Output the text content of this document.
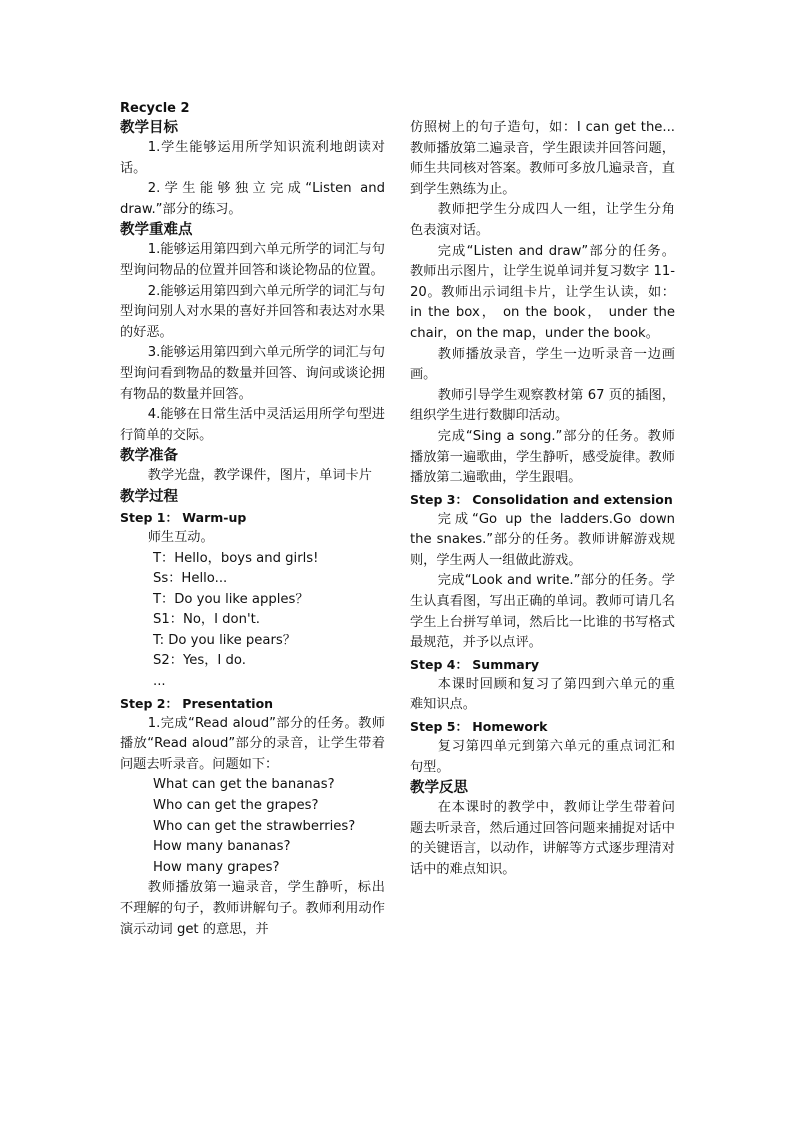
Recycle 2
教学目标

1.学生能够运用所学知识流利地朗读对话。

2.学生能够独立完成“Listen and draw.”部分的练习。

教学重难点

1.能够运用第四到六单元所学的词汇与句型询问物品的位置并回答和谈论物品的位置。

2.能够运用第四到六单元所学的词汇与句型询问别人对水果的喜好并回答和表达对水果的好恶。

3.能够运用第四到六单元所学的词汇与句型询问看到物品的数量并回答、询问或谈论拥有物品的数量并回答。

4.能够在日常生活中灵活运用所学句型进行简单的交际。

教学准备

教学光盘，教学课件，图片，单词卡片

教学过程
Step 1： Warm-up

师生互动。

T：Hello，boys and girls!

Ss：Hello...

T：Do you like apples？

S1：No，I don't.

T: Do you like pears？

S2：Yes，I do.

...

Step 2： Presentation

1.完成“Read aloud”部分的任务。教师播放“Read aloud”部分的录音，让学生带着问题去听录音。问题如下：

What can get the bananas?

Who can get the grapes?

Who can get the strawberries?

How many bananas?

How many grapes?

教师播放第一遍录音，学生静听，标出不理解的句子，教师讲解句子。教师利用动作演示动词 get 的意思，并

仿照树上的句子造句，如：I can get the...教师播放第二遍录音，学生跟读并回答问题，师生共同核对答案。教师可多放几遍录音，直到学生熟练为止。

教师把学生分成四人一组，让学生分角色表演对话。

完成“Listen and draw”部分的任务。教师出示图片，让学生说单词并复习数字 11-20。教师出示词组卡片，让学生认读，如：in the box， on the book， under the chair，on the map，under the book。

教师播放录音，学生一边听录音一边画画。

教师引导学生观察教材第 67 页的插图，组织学生进行数脚印活动。

完成“Sing a song.”部分的任务。教师播放第一遍歌曲，学生静听，感受旋律。教师播放第二遍歌曲，学生跟唱。

Step 3： Consolidation and extension

完成“Go up the ladders.Go down the snakes.”部分的任务。教师讲解游戏规则，学生两人一组做此游戏。

完成“Look and write.”部分的任务。学生认真看图，写出正确的单词。教师可请几名学生上台拼写单词，然后比一比谁的书写格式最规范，并予以点评。

Step 4： Summary

本课时回顾和复习了第四到六单元的重难知识点。

Step 5： Homework

复习第四单元到第六单元的重点词汇和句型。

教学反思

在本课时的教学中，教师让学生带着问题去听录音，然后通过回答问题来捕捉对话中的关键语言，以动作，讲解等方式逐步理清对话中的难点知识。
